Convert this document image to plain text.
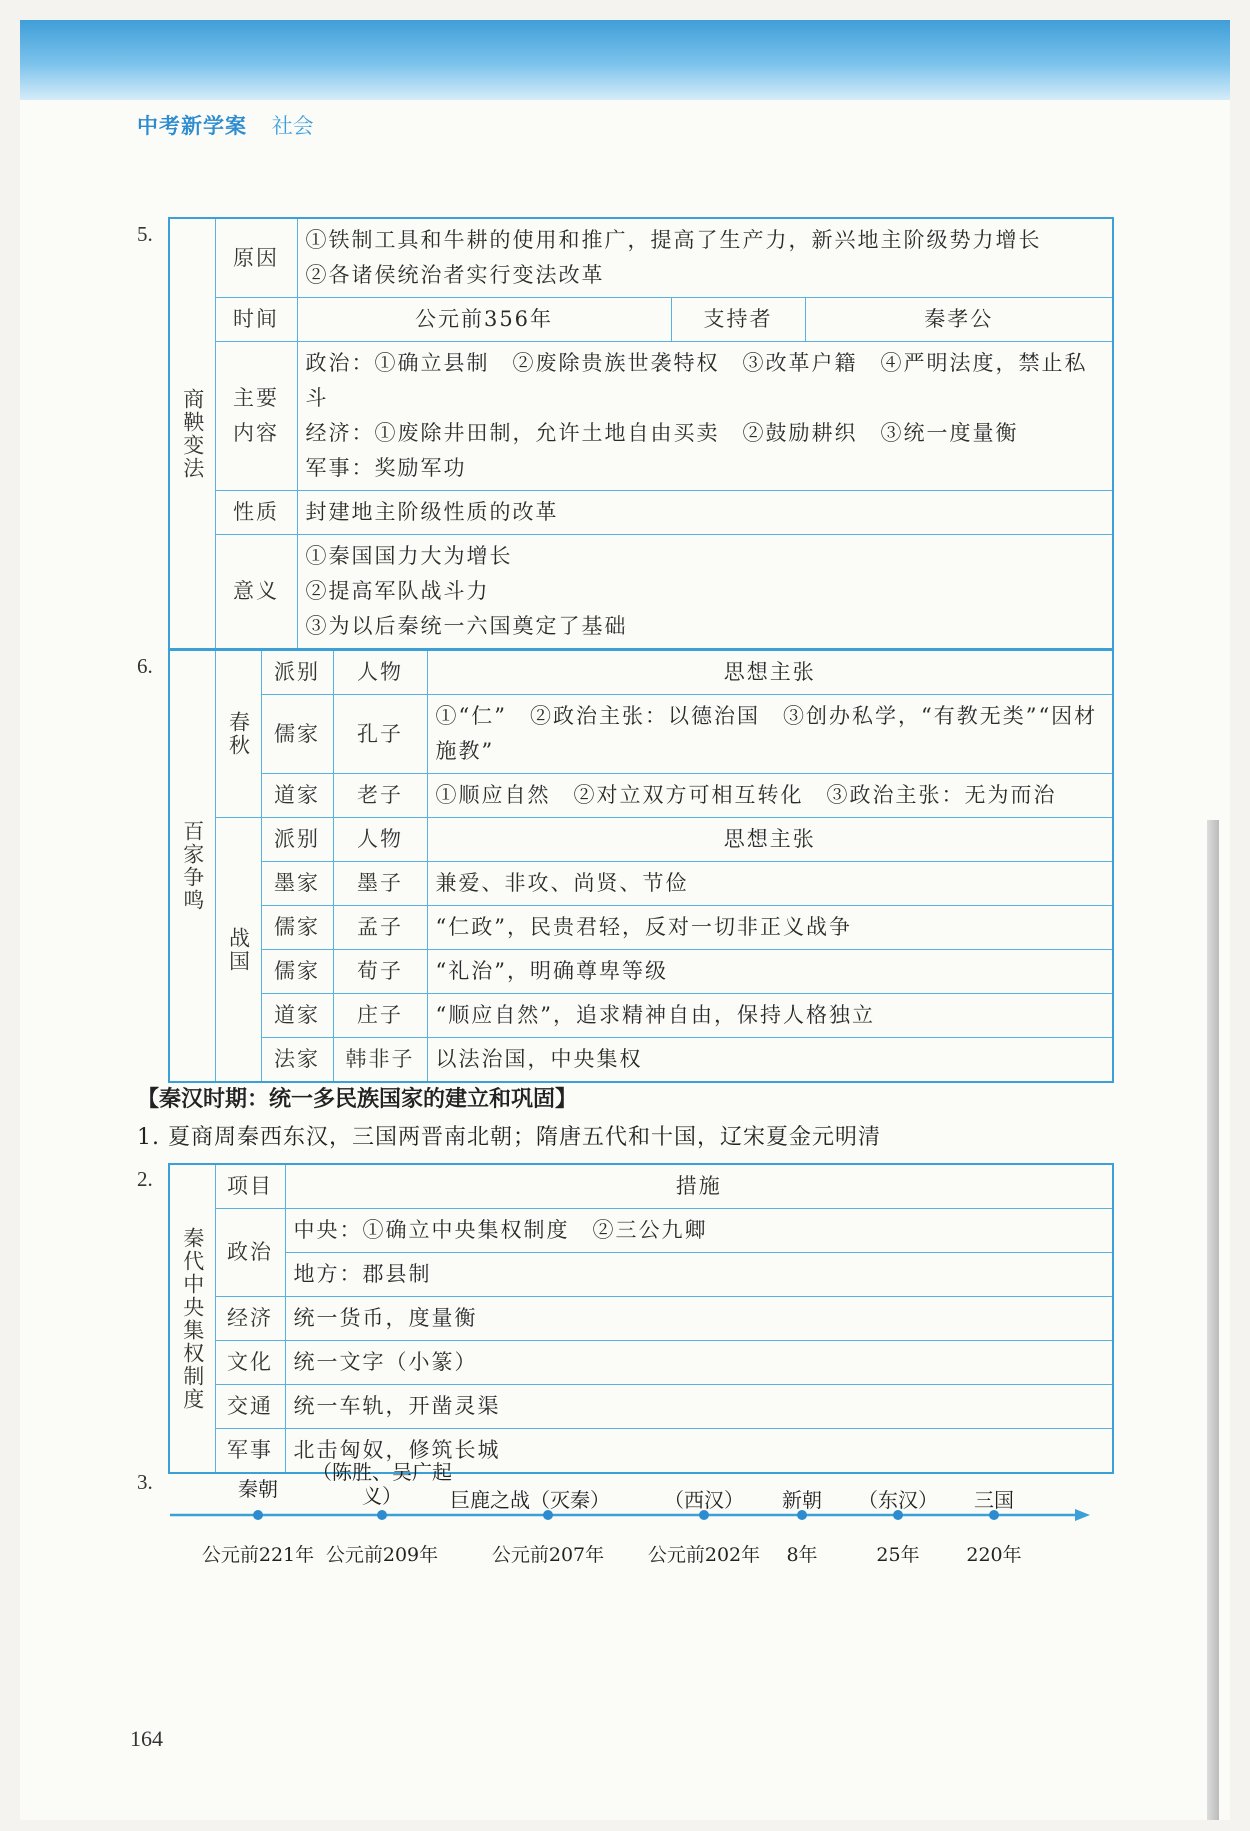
中考新学案 社会
5.
商鞅变法	原因	①铁制工具和牛耕的使用和推广，提高了生产力，新兴地主阶级势力增长
②各诸侯统治者实行变法改革		

	时间	公元前356年	支持者	秦孝公
	主要内容	政治：①确立县制　②废除贵族世袭特权　③改革户籍　④严明法度，禁止私斗
经济：①废除井田制，允许土地自由买卖　②鼓励耕织　③统一度量衡
军事：奖励军功		

	性质	封建地主阶级性质的改革		
	意义	①秦国国力大为增长
②提高军队战斗力
③为以后秦统一六国奠定了基础		
6.
百家争鸣	春秋	派别	人物	思想主张
		儒家	孔子	①“仁”　②政治主张：以德治国　③创办私学，“有教无类”“因材施教”
		道家	老子	①顺应自然　②对立双方可相互转化　③政治主张：无为而治
	战国	派别	人物	思想主张
		墨家	墨子	兼爱、非攻、尚贤、节俭
		儒家	孟子	“仁政”，民贵君轻，反对一切非正义战争
		儒家	荀子	“礼治”，明确尊卑等级
		道家	庄子	“顺应自然”，追求精神自由，保持人格独立
		法家	韩非子	以法治国，中央集权
【秦汉时期：统一多民族国家的建立和巩固】
1. 夏商周秦西东汉，三国两晋南北朝；隋唐五代和十国，辽宋夏金元明清
2.
秦代中央集权制度	项目	措施
	政治	中央：①确立中央集权制度　②三公九卿
		地方：郡县制
	经济	统一货币，度量衡
	文化	统一文字（小篆）
	交通	统一车轨，开凿灵渠
	军事	北击匈奴，修筑长城
3.	秦朝
（陈胜、吴广起义）	巨鹿之战（灭秦）	（西汉） 新朝 （东汉） 三国
公元前221年 公元前209年	公元前207年 公元前202年 8年	25年 220年
164
